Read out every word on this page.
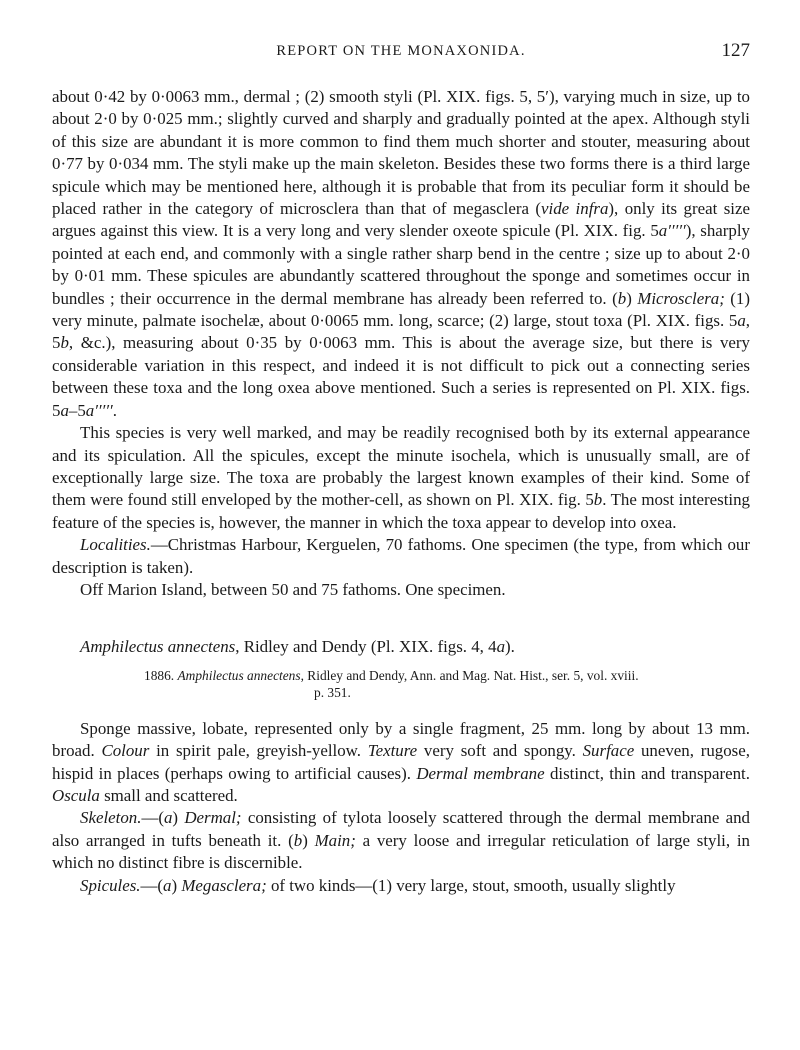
REPORT ON THE MONAXONIDA.	127

about 0·42 by 0·0063 mm., dermal ; (2) smooth styli (Pl. XIX. figs. 5, 5′), varying much in size, up to about 2·0 by 0·025 mm.; slightly curved and sharply and gradually pointed at the apex. Although styli of this size are abundant it is more common to find them much shorter and stouter, measuring about 0·77 by 0·034 mm. The styli make up the main skeleton. Besides these two forms there is a third large spicule which may be mentioned here, although it is probable that from its peculiar form it should be placed rather in the category of microsclera than that of megasclera (vide infra), only its great size argues against this view. It is a very long and very slender oxeote spicule (Pl. XIX. fig. 5a′′′′′), sharply pointed at each end, and commonly with a single rather sharp bend in the centre ; size up to about 2·0 by 0·01 mm. These spicules are abundantly scattered throughout the sponge and sometimes occur in bundles ; their occurrence in the dermal membrane has already been referred to. (b) Microsclera; (1) very minute, palmate isochelæ, about 0·0065 mm. long, scarce; (2) large, stout toxa (Pl. XIX. figs. 5a, 5b, &c.), measuring about 0·35 by 0·0063 mm. This is about the average size, but there is very considerable variation in this respect, and indeed it is not difficult to pick out a connecting series between these toxa and the long oxea above mentioned. Such a series is represented on Pl. XIX. figs. 5a–5a′′′′′.

This species is very well marked, and may be readily recognised both by its external appearance and its spiculation. All the spicules, except the minute isochela, which is unusually small, are of exceptionally large size. The toxa are probably the largest known examples of their kind. Some of them were found still enveloped by the mother-cell, as shown on Pl. XIX. fig. 5b. The most interesting feature of the species is, however, the manner in which the toxa appear to develop into oxea.

Localities.—Christmas Harbour, Kerguelen, 70 fathoms. One specimen (the type, from which our description is taken).

Off Marion Island, between 50 and 75 fathoms. One specimen.

Amphilectus annectens, Ridley and Dendy (Pl. XIX. figs. 4, 4a).

1886. Amphilectus annectens, Ridley and Dendy, Ann. and Mag. Nat. Hist., ser. 5, vol. xviii.
p. 351.

Sponge massive, lobate, represented only by a single fragment, 25 mm. long by about 13 mm. broad. Colour in spirit pale, greyish-yellow. Texture very soft and spongy. Surface uneven, rugose, hispid in places (perhaps owing to artificial causes). Dermal membrane distinct, thin and transparent. Oscula small and scattered.

Skeleton.—(a) Dermal; consisting of tylota loosely scattered through the dermal membrane and also arranged in tufts beneath it. (b) Main; a very loose and irregular reticulation of large styli, in which no distinct fibre is discernible.

Spicules.—(a) Megasclera; of two kinds—(1) very large, stout, smooth, usually slightly
